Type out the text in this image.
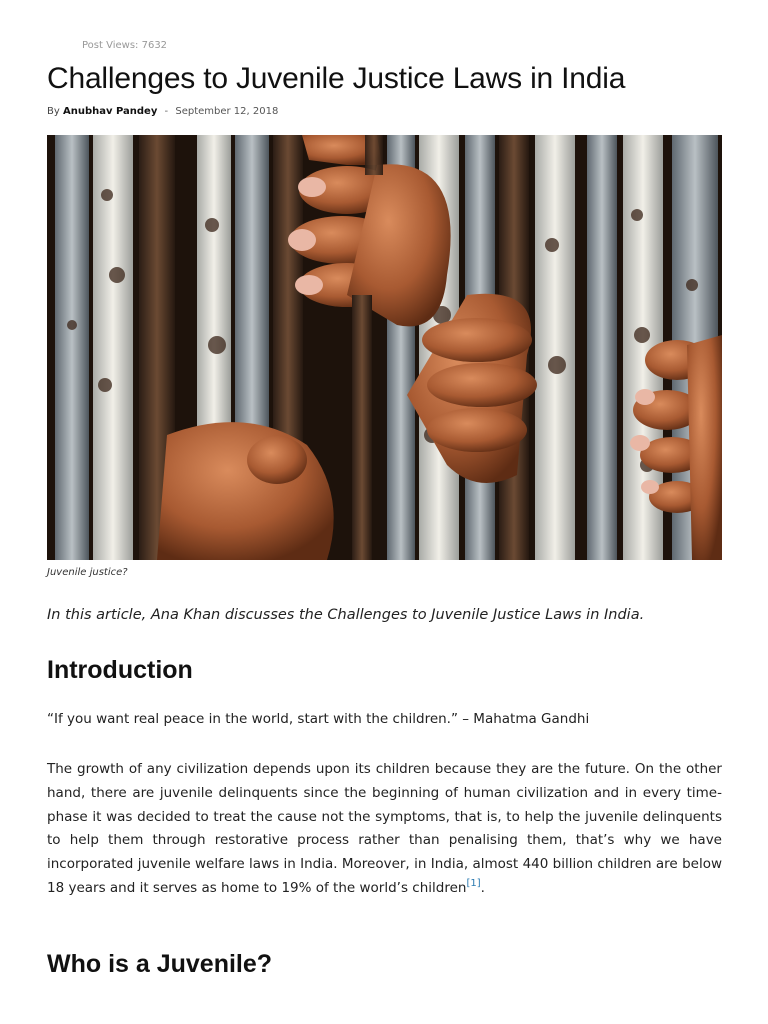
Post Views: 7632
Challenges to Juvenile Justice Laws in India
By Anubhav Pandey - September 12, 2018
Juvenile justice?
In this article, Ana Khan discusses the Challenges to Juvenile Justice Laws in India.
Introduction
“If you want real peace in the world, start with the children.” – Mahatma Gandhi

The growth of any civilization depends upon its children because they are the future. On the other hand, there are juvenile delinquents since the beginning of human civilization and in every time-phase it was decided to treat the cause not the symptoms, that is, to help the juvenile delinquents to help them through restorative process rather than penalising them, that’s why we have incorporated juvenile welfare laws in India. Moreover, in India, almost 440 billion children are below 18 years and it serves as home to 19% of the world’s children[1].

Who is a Juvenile?
